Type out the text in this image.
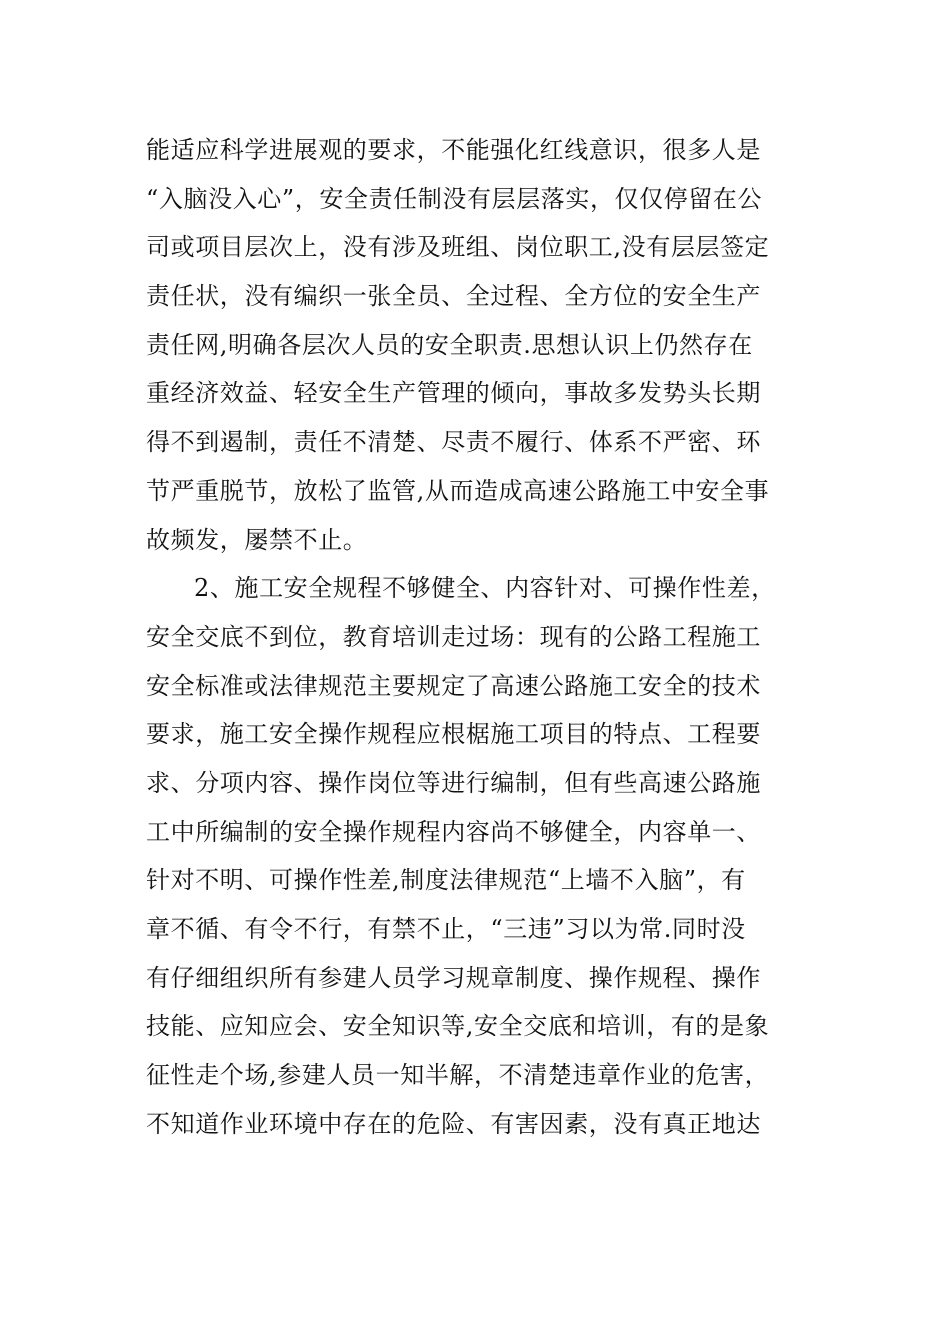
能适应科学进展观的要求，不能强化红线意识，很多人是
“入脑没入心”，安全责任制没有层层落实，仅仅停留在公
司或项目层次上，没有涉及班组、岗位职工,没有层层签定
责任状，没有编织一张全员、全过程、全方位的安全生产
责任网,明确各层次人员的安全职责.思想认识上仍然存在
重经济效益、轻安全生产管理的倾向，事故多发势头长期
得不到遏制，责任不清楚、尽责不履行、体系不严密、环
节严重脱节，放松了监管,从而造成高速公路施工中安全事
故频发，屡禁不止。
2、施工安全规程不够健全、内容针对、可操作性差，
安全交底不到位，教育培训走过场：现有的公路工程施工
安全标准或法律规范主要规定了高速公路施工安全的技术
要求，施工安全操作规程应根椐施工项目的特点、工程要
求、分项内容、操作岗位等进行编制，但有些高速公路施
工中所编制的安全操作规程内容尚不够健全，内容单一、
针对不明、可操作性差,制度法律规范“上墙不入脑”，有
章不循、有令不行，有禁不止，“三违”习以为常.同时没
有仔细组织所有参建人员学习规章制度、操作规程、操作
技能、应知应会、安全知识等,安全交底和培训，有的是象
征性走个场,参建人员一知半解，不清楚违章作业的危害，
不知道作业环境中存在的危险、有害因素，没有真正地达
